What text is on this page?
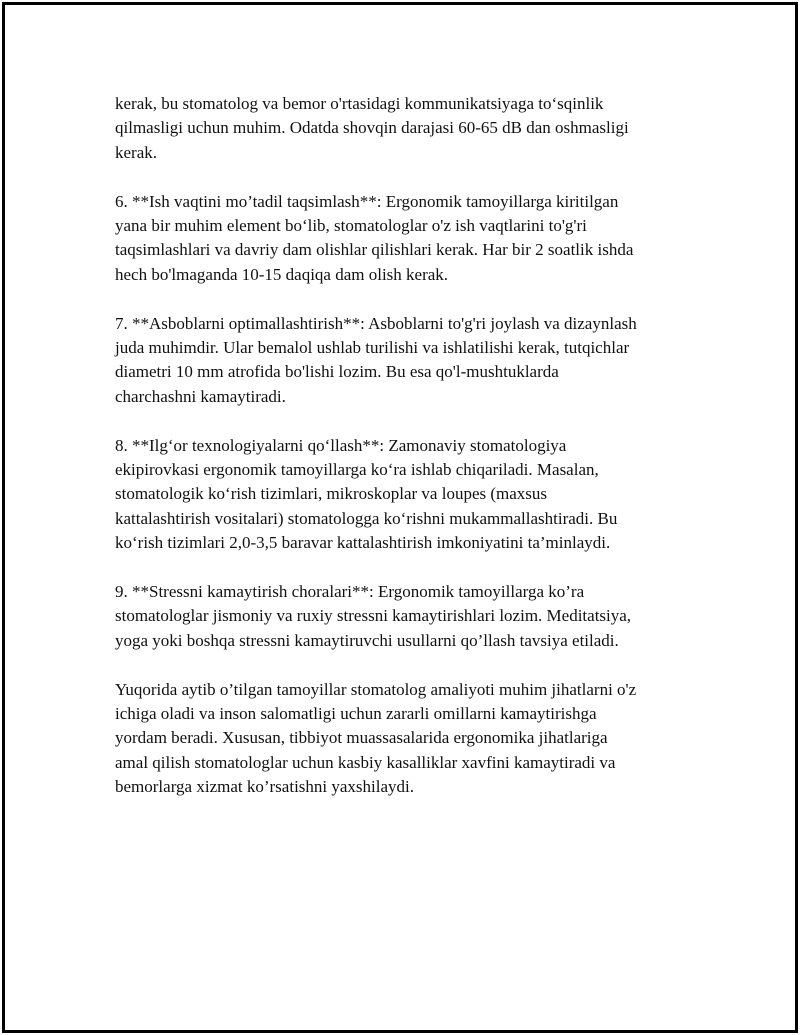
kerak, bu stomatolog va bemor o'rtasidagi kommunikatsiyaga to‘sqinlik
qilmasligi uchun muhim. Odatda shovqin darajasi 60-65 dB dan oshmasligi
kerak.

6. **Ish vaqtini mo’tadil taqsimlash**: Ergonomik tamoyillarga kiritilgan
yana bir muhim element bo‘lib, stomatologlar o'z ish vaqtlarini to'g'ri
taqsimlashlari va davriy dam olishlar qilishlari kerak. Har bir 2 soatlik ishda
hech bo'lmaganda 10-15 daqiqa dam olish kerak.

7. **Asboblarni optimallashtirish**: Asboblarni to'g'ri joylash va dizaynlash
juda muhimdir. Ular bemalol ushlab turilishi va ishlatilishi kerak, tutqichlar
diametri 10 mm atrofida bo'lishi lozim. Bu esa qo'l-mushtuklarda
charchashni kamaytiradi.

8. **Ilg‘or texnologiyalarni qo‘llash**: Zamonaviy stomatologiya
ekipirovkasi ergonomik tamoyillarga ko‘ra ishlab chiqariladi. Masalan,
stomatologik ko‘rish tizimlari, mikroskoplar va loupes (maxsus
kattalashtirish vositalari) stomatologga ko‘rishni mukammallashtiradi. Bu
ko‘rish tizimlari 2,0-3,5 baravar kattalashtirish imkoniyatini ta’minlaydi.

9. **Stressni kamaytirish choralari**: Ergonomik tamoyillarga ko’ra
stomatologlar jismoniy va ruxiy stressni kamaytirishlari lozim. Meditatsiya,
yoga yoki boshqa stressni kamaytiruvchi usullarni qo’llash tavsiya etiladi.

Yuqorida aytib o’tilgan tamoyillar stomatolog amaliyoti muhim jihatlarni o'z
ichiga oladi va inson salomatligi uchun zararli omillarni kamaytirishga
yordam beradi. Xususan, tibbiyot muassasalarida ergonomika jihatlariga
amal qilish stomatologlar uchun kasbiy kasalliklar xavfini kamaytiradi va
bemorlarga xizmat ko’rsatishni yaxshilaydi.
